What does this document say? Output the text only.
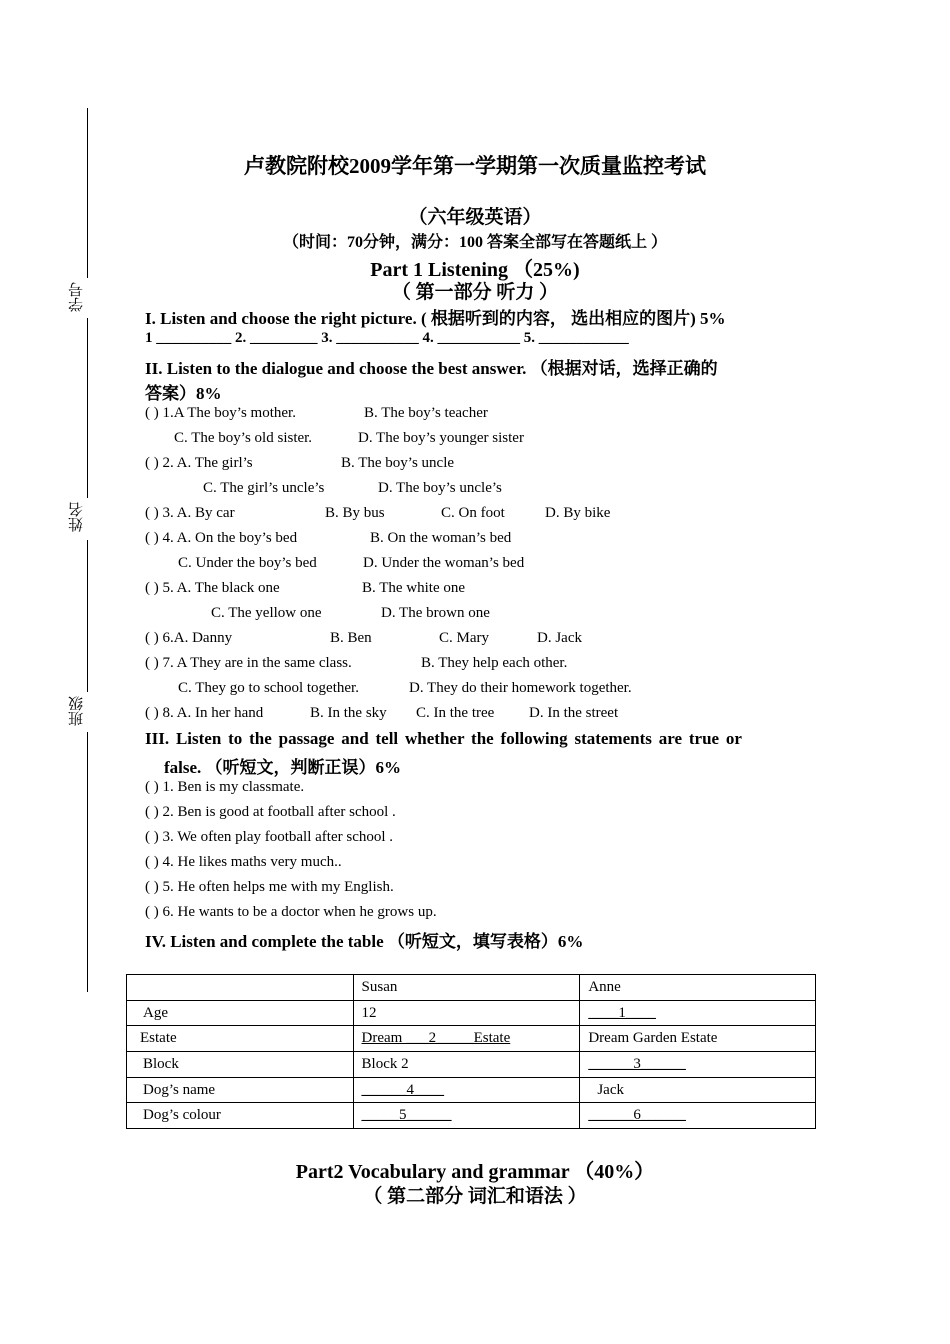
学号
姓名
班级
卢教院附校2009学年第一学期第一次质量监控考试
（六年级英语）
（时间：70分钟，满分：100 答案全部写在答题纸上 ）
Part 1 Listening （25%)
（ 第一部分 听力 ）
I. Listen and choose the right picture. ( 根据听到的内容， 选出相应的图片) 5%
1 __________ 2. _________ 3. ___________ 4. ___________ 5. ____________
II. Listen to the dialogue and choose the best answer. （根据对话，选择正确的
答案）8%
( ) 1.A The boy’s mother.	B. The boy’s teacher
C. The boy’s old sister.	D. The boy’s younger sister
( ) 2. A. The girl’s	B. The boy’s uncle
C. The girl’s uncle’s	D. The boy’s uncle’s
( ) 3. A. By car	B. By bus	C. On foot	D. By bike
( ) 4. A. On the boy’s bed	B. On the woman’s bed
C. Under the boy’s bed	D. Under the woman’s bed
( ) 5. A. The black one	B. The white one
C. The yellow one	D. The brown one
( ) 6.A. Danny	B. Ben	C. Mary	D. Jack
( ) 7. A They are in the same class.	B. They help each other.
C. They go to school together.	D. They do their homework together.
( ) 8. A. In her hand	B. In the sky C. In the tree D. In the street
III. Listen to the passage and tell whether the following statements are true or
false. （听短文，判断正误）6%
( ) 1. Ben is my classmate.
( ) 2. Ben is good at football after school .
( ) 3. We often play football after school .
( ) 4. He likes maths very much..
( ) 5. He often helps me with my English.
( ) 6. He wants to be a doctor when he grows up.
IV. Listen and complete the table （听短文，填写表格）6%
	Susan	Anne
Age	12	____1____
Estate	Dream ___2_____Estate	Dream Garden Estate
Block	Block 2	______3______
Dog’s name	______4____	Jack
Dog’s colour	_____5______	______6______
Part2 Vocabulary and grammar （40%）
（ 第二部分 词汇和语法 ）
